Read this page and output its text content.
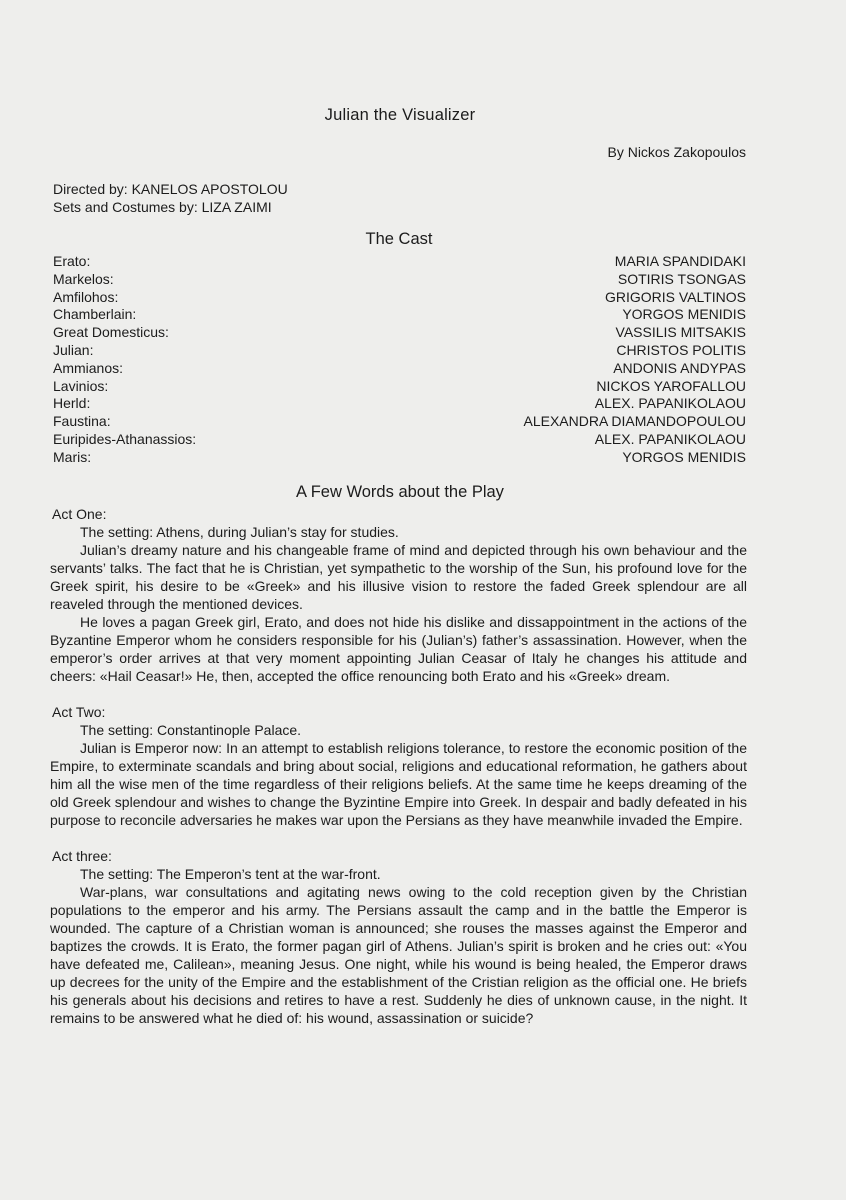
Julian the Visualizer
By Nickos Zakopoulos
Directed by: KANELOS APOSTOLOU
Sets and Costumes by: LIZA ZAIMI
The Cast
Erato:	MARIA SPANDIDAKI
Markelos:	SOTIRIS TSONGAS
Amfilohos:	GRIGORIS VALTINOS
Chamberlain:	YORGOS MENIDIS
Great Domesticus:	VASSILIS MITSAKIS
Julian:	CHRISTOS POLITIS
Ammianos:	ANDONIS ANDYPAS
Lavinios:	NICKOS YAROFALLOU
Herld:	ALEX. PAPANIKOLAOU
Faustina:	ALEXANDRA DIAMANDOPOULOU
Euripides-Athanassios:	ALEX. PAPANIKOLAOU
Maris:	YORGOS MENIDIS
A Few Words about the Play

Act One:

The setting: Athens, during Julian’s stay for studies.

Julian’s dreamy nature and his changeable frame of mind and depicted through his own behaviour and the servants’ talks. The fact that he is Christian, yet sympathetic to the worship of the Sun, his profound love for the Greek spirit, his desire to be «Greek» and his illusive vision to restore the faded Greek splendour are all reaveled through the mentioned devices.

He loves a pagan Greek girl, Erato, and does not hide his dislike and dissappointment in the actions of the Byzantine Emperor whom he considers responsible for his (Julian’s) father’s assassination. However, when the emperor’s order arrives at that very moment appointing Julian Ceasar of Italy he changes his attitude and cheers: «Hail Ceasar!» He, then, accepted the office renouncing both Erato and his «Greek» dream.

Act Two:

The setting: Constantinople Palace.

Julian is Emperor now: In an attempt to establish religions tolerance, to restore the economic position of the Empire, to exterminate scandals and bring about social, religions and educational reformation, he gathers about him all the wise men of the time regardless of their religions beliefs. At the same time he keeps dreaming of the old Greek splendour and wishes to change the Byzintine Empire into Greek. In despair and badly defeated in his purpose to reconcile adversaries he makes war upon the Persians as they have meanwhile invaded the Empire.

Act three:

The setting: The Emperon’s tent at the war-front.

War-plans, war consultations and agitating news owing to the cold reception given by the Christian populations to the emperor and his army. The Persians assault the camp and in the battle the Emperor is wounded. The capture of a Christian woman is announced; she rouses the masses against the Emperor and baptizes the crowds. It is Erato, the former pagan girl of Athens. Julian’s spirit is broken and he cries out: «You have defeated me, Calilean», meaning Jesus. One night, while his wound is being healed, the Emperor draws up decrees for the unity of the Empire and the establishment of the Cristian religion as the official one. He briefs his generals about his decisions and retires to have a rest. Suddenly he dies of unknown cause, in the night. It remains to be answered what he died of: his wound, assassination or suicide?
